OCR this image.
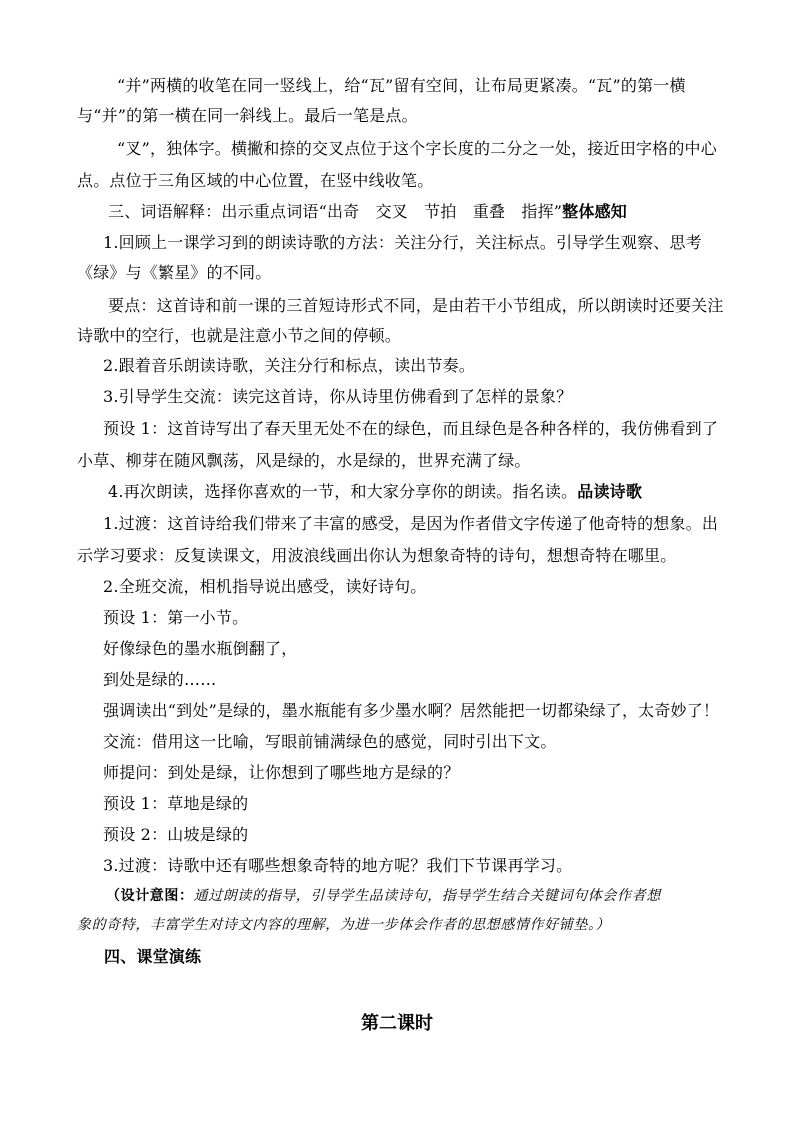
“并”两横的收笔在同一竖线上，给“瓦”留有空间，让布局更紧凑。“瓦”的第一横
与“并”的第一横在同一斜线上。最后一笔是点。
“叉”，独体字。横撇和捺的交叉点位于这个字长度的二分之一处，接近田字格的中心
点。点位于三角区域的中心位置，在竖中线收笔。
三、词语解释：出示重点词语“出奇　交叉　节拍　重叠　指挥”整体感知
1.回顾上一课学习到的朗读诗歌的方法：关注分行，关注标点。引导学生观察、思考
《绿》与《繁星》的不同。
要点：这首诗和前一课的三首短诗形式不同，是由若干小节组成，所以朗读时还要关注
诗歌中的空行，也就是注意小节之间的停顿。
2.跟着音乐朗读诗歌，关注分行和标点，读出节奏。
3.引导学生交流：读完这首诗，你从诗里仿佛看到了怎样的景象？
预设 1：这首诗写出了春天里无处不在的绿色，而且绿色是各种各样的，我仿佛看到了
小草、柳芽在随风飘荡，风是绿的，水是绿的，世界充满了绿。
4.再次朗读，选择你喜欢的一节，和大家分享你的朗读。指名读。品读诗歌
1.过渡：这首诗给我们带来了丰富的感受，是因为作者借文字传递了他奇特的想象。出
示学习要求：反复读课文，用波浪线画出你认为想象奇特的诗句，想想奇特在哪里。
2.全班交流，相机指导说出感受，读好诗句。
预设 1：第一小节。
好像绿色的墨水瓶倒翻了，
到处是绿的……
强调读出“到处”是绿的，墨水瓶能有多少墨水啊？居然能把一切都染绿了，太奇妙了！
交流：借用这一比喻，写眼前铺满绿色的感觉，同时引出下文。
师提问：到处是绿，让你想到了哪些地方是绿的？
预设 1：草地是绿的
预设 2：山坡是绿的
3.过渡：诗歌中还有哪些想象奇特的地方呢？我们下节课再学习。
（设计意图：通过朗读的指导，引导学生品读诗句，指导学生结合关键词句体会作者想
象的奇特，丰富学生对诗文内容的理解，为进一步体会作者的思想感情作好铺垫。）
四、课堂演练
第二课时
